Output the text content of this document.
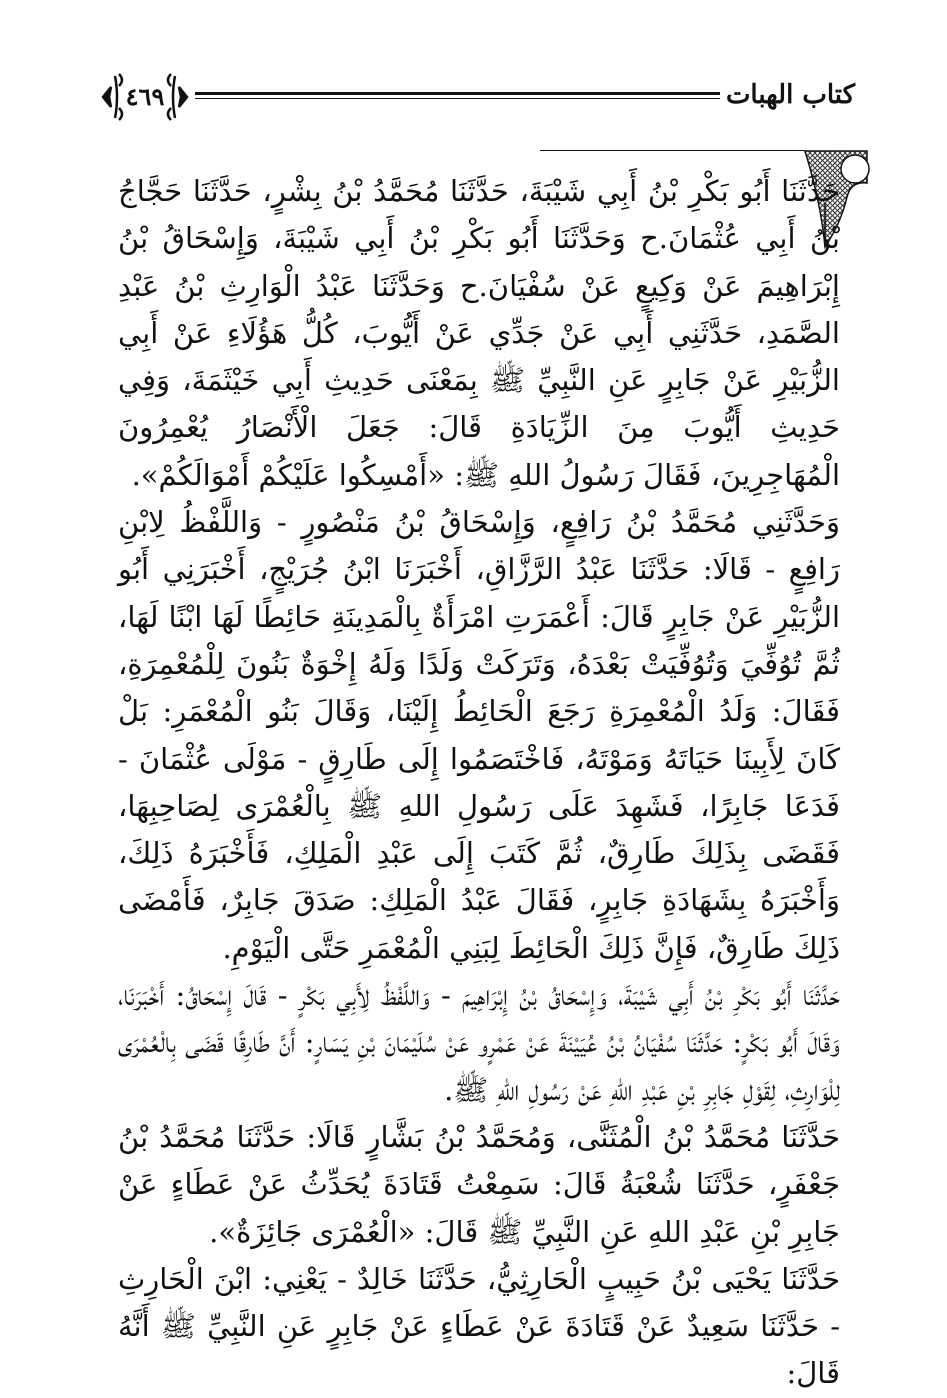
كتاب الهبات
٤٦٩

حَدَّثَنَا أَبُو بَكْرِ بْنُ أَبِي شَيْبَةَ، حَدَّثَنَا مُحَمَّدُ بْنُ بِشْرٍ، حَدَّثَنَا حَجَّاجُ بْنُ أَبِي عُثْمَانَ.ح وَحَدَّثَنَا أَبُو بَكْرِ بْنُ أَبِي شَيْبَةَ، وَإِسْحَاقُ بْنُ إِبْرَاهِيمَ عَنْ وَكِيعٍ عَنْ سُفْيَانَ.ح وَحَدَّثَنَا عَبْدُ الْوَارِثِ بْنُ عَبْدِ الصَّمَدِ، حَدَّثَنِي أَبِي عَنْ جَدِّي عَنْ أَيُّوبَ، كُلُّ هَؤُلَاءِ عَنْ أَبِي الزُّبَيْرِ عَنْ جَابِرٍ عَنِ النَّبِيِّ ﷺ بِمَعْنَى حَدِيثِ أَبِي خَيْثَمَةَ، وَفِي حَدِيثِ أَيُّوبَ مِنَ الزِّيَادَةِ قَالَ: جَعَلَ الْأَنْصَارُ يُعْمِرُونَ الْمُهَاجِرِينَ، فَقَالَ رَسُولُ اللهِ ﷺ: «أَمْسِكُوا عَلَيْكُمْ أَمْوَالَكُمْ».

وَحَدَّثَنِي مُحَمَّدُ بْنُ رَافِعٍ، وَإِسْحَاقُ بْنُ مَنْصُورٍ - وَاللَّفْظُ لِابْنِ رَافِعٍ - قَالَا: حَدَّثَنَا عَبْدُ الرَّزَّاقِ، أَخْبَرَنَا ابْنُ جُرَيْجٍ، أَخْبَرَنِي أَبُو الزُّبَيْرِ عَنْ جَابِرٍ قَالَ: أَعْمَرَتِ امْرَأَةٌ بِالْمَدِينَةِ حَائِطًا لَهَا ابْنًا لَهَا، ثُمَّ تُوُفِّيَ وَتُوُفِّيَتْ بَعْدَهُ، وَتَرَكَتْ وَلَدًا وَلَهُ إِخْوَةٌ بَنُونَ لِلْمُعْمِرَةِ، فَقَالَ: وَلَدُ الْمُعْمِرَةِ رَجَعَ الْحَائِطُ إِلَيْنَا، وَقَالَ بَنُو الْمُعْمَرِ: بَلْ كَانَ لِأَبِينَا حَيَاتَهُ وَمَوْتَهُ، فَاخْتَصَمُوا إِلَى طَارِقٍ - مَوْلَى عُثْمَانَ - فَدَعَا جَابِرًا، فَشَهِدَ عَلَى رَسُولِ اللهِ ﷺ بِالْعُمْرَى لِصَاحِبِهَا، فَقَضَى بِذَلِكَ طَارِقٌ، ثُمَّ كَتَبَ إِلَى عَبْدِ الْمَلِكِ، فَأَخْبَرَهُ ذَلِكَ، وَأَخْبَرَهُ بِشَهَادَةِ جَابِرٍ، فَقَالَ عَبْدُ الْمَلِكِ: صَدَقَ جَابِرٌ، فَأَمْضَى ذَلِكَ طَارِقٌ، فَإِنَّ ذَلِكَ الْحَائِطَ لِبَنِي الْمُعْمَرِ حَتَّى الْيَوْمِ.

حَدَّثَنَا أَبُو بَكْرِ بْنُ أَبِي شَيْبَةَ، وَإِسْحَاقُ بْنُ إِبْرَاهِيمَ - وَاللَّفْظُ لِأَبِي بَكْرٍ - قَالَ إِسْحَاقُ: أَخْبَرَنَا، وَقَالَ أَبُو بَكْرٍ: حَدَّثَنَا سُفْيَانُ بْنُ عُيَيْنَةَ عَنْ عَمْرٍو عَنْ سُلَيْمَانَ بْنِ يَسَارٍ: أَنَّ طَارِقًا قَضَى بِالْعُمْرَى لِلْوَارِثِ، لِقَوْلِ جَابِرِ بْنِ عَبْدِ اللهِ عَنْ رَسُولِ اللهِ ﷺ.

حَدَّثَنَا مُحَمَّدُ بْنُ الْمُثَنَّى، وَمُحَمَّدُ بْنُ بَشَّارٍ قَالَا: حَدَّثَنَا مُحَمَّدُ بْنُ جَعْفَرٍ، حَدَّثَنَا شُعْبَةُ قَالَ: سَمِعْتُ قَتَادَةَ يُحَدِّثُ عَنْ عَطَاءٍ عَنْ جَابِرِ بْنِ عَبْدِ اللهِ عَنِ النَّبِيِّ ﷺ قَالَ: «الْعُمْرَى جَائِزَةٌ».

حَدَّثَنَا يَحْيَى بْنُ حَبِيبٍ الْحَارِثِيُّ، حَدَّثَنَا خَالِدٌ - يَعْنِي: ابْنَ الْحَارِثِ - حَدَّثَنَا سَعِيدٌ عَنْ قَتَادَةَ عَنْ عَطَاءٍ عَنْ جَابِرٍ عَنِ النَّبِيِّ ﷺ أَنَّهُ قَالَ:
